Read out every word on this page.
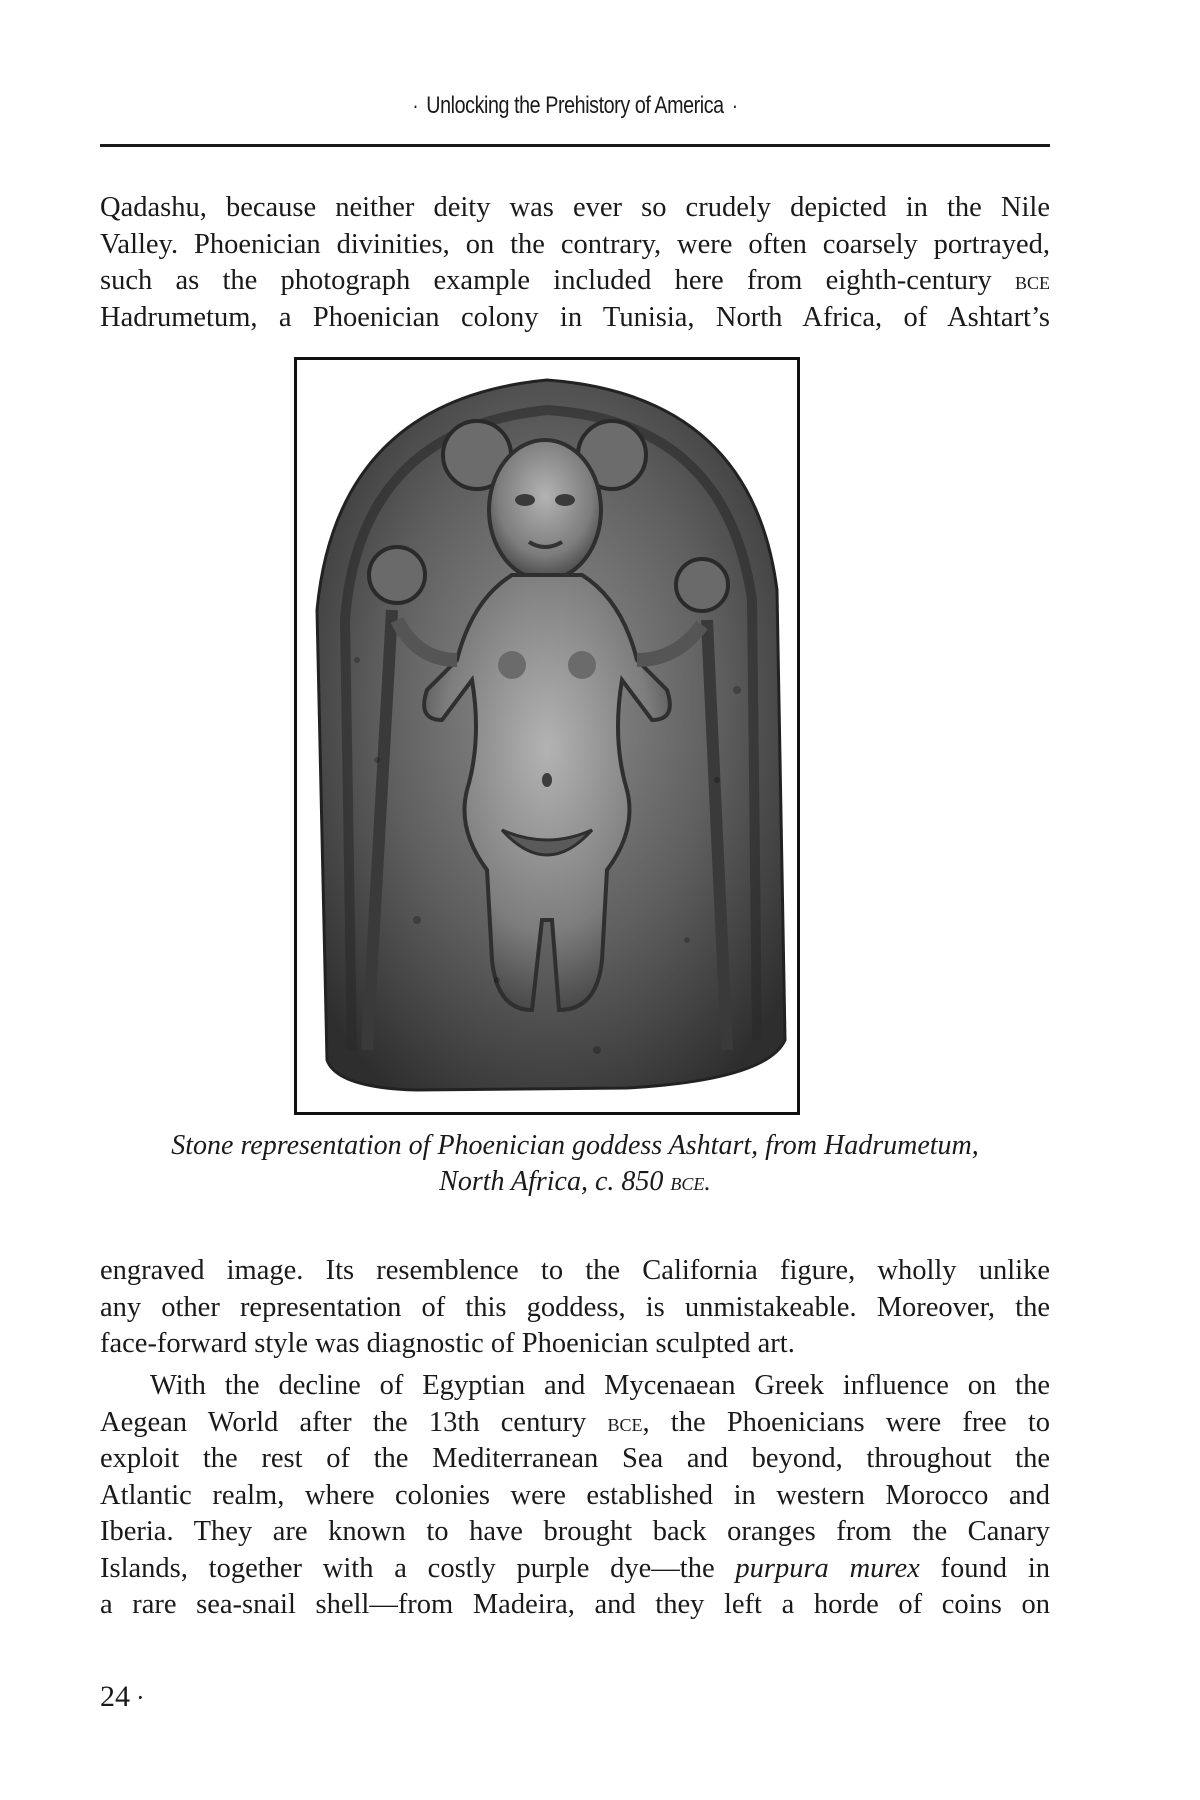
· Unlocking the Prehistory of America ·

Qadashu, because neither deity was ever so crudely depicted in the Nile
Valley. Phoenician divinities, on the contrary, were often coarsely portrayed,
such as the photograph example included here from eighth-century bce
Hadrumetum, a Phoenician colony in Tunisia, North Africa, of Ashtart’s

Stone representation of Phoenician goddess Ashtart, from Hadrumetum,
North Africa, c. 850 bce.

engraved image. Its resemblence to the California figure, wholly unlike
any other representation of this goddess, is unmistakeable. Moreover, the
face-forward style was diagnostic of Phoenician sculpted art.

With the decline of Egyptian and Mycenaean Greek influence on the
Aegean World after the 13th century bce, the Phoenicians were free to
exploit the rest of the Mediterranean Sea and beyond, throughout the
Atlantic realm, where colonies were established in western Morocco and
Iberia. They are known to have brought back oranges from the Canary
Islands, together with a costly purple dye—the purpura murex found in
a rare sea-snail shell—from Madeira, and they left a horde of coins on

24 ·
